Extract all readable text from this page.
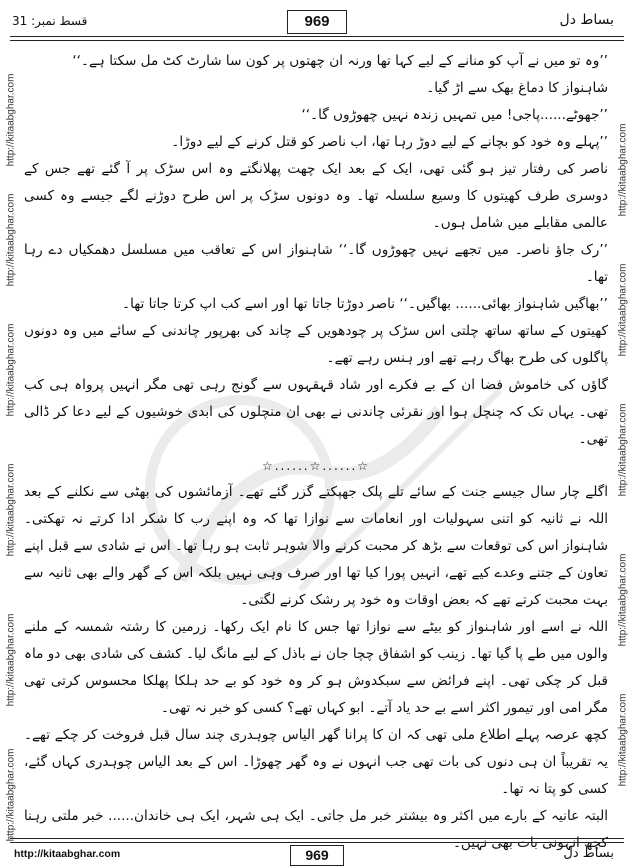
قسط نمبر: 31	969	بساط دل
http://kitaabghar.com
http://kitaabghar.com
http://kitaabghar.com
http://kitaabghar.com
http://kitaabghar.com
http://kitaabghar.com
http://kitaabghar.com
http://kitaabghar.com
http://kitaabghar.com
http://kitaabghar.com
http://kitaabghar.com

’’وہ تو میں نے آپ کو منانے کے لیے کہا تھا ورنہ ان چھتوں پر کون سا شارٹ کٹ مل سکتا ہے۔‘‘

شاہنواز کا دماغ بھک سے اڑ گیا۔

’’جھوٹے......پاجی! میں تمہیں زندہ نہیں چھوڑوں گا۔‘‘

’’پہلے وہ خود کو بچانے کے لیے دوڑ رہا تھا، اب ناصر کو قتل کرنے کے لیے دوڑا۔

ناصر کی رفتار تیز ہو گئی تھی، ایک کے بعد ایک چھت پھلانگتے وہ اس سڑک پر آ گئے تھے جس کے دوسری طرف کھیتوں کا وسیع سلسلہ تھا۔ وہ دونوں سڑک پر اس طرح دوڑنے لگے جیسے وہ کسی عالمی مقابلے میں شامل ہوں۔

’’رک جاؤ ناصر۔ میں تجھے نہیں چھوڑوں گا۔‘‘ شاہنواز اس کے تعاقب میں مسلسل دھمکیاں دے رہا تھا۔

’’بھاگیں شاہنواز بھائی...... بھاگیں۔‘‘ ناصر دوڑتا جاتا تھا اور اسے کب اپ کرتا جاتا تھا۔

کھیتوں کے ساتھ ساتھ چلتی اس سڑک پر چودھویں کے چاند کی بھرپور چاندنی کے سائے میں وہ دونوں پاگلوں کی طرح بھاگ رہے تھے اور ہنس رہے تھے۔

گاؤں کی خاموش فضا ان کے بے فکرے اور شاد قہقہوں سے گونج رہی تھی مگر انہیں پرواہ ہی کب تھی۔ یہاں تک کہ چنچل ہوا اور نقرئی چاندنی نے بھی ان منچلوں کی ابدی خوشیوں کے لیے دعا کر ڈالی تھی۔

☆......☆......☆

اگلے چار سال جیسے جنت کے سائے تلے پلک جھپکتے گزر گئے تھے۔ آزمائشوں کی بھٹی سے نکلنے کے بعد اللہ نے ثانیہ کو اتنی سہولیات اور انعامات سے نوازا تھا کہ وہ اپنے رب کا شکر ادا کرتے نہ تھکتی۔ شاہنواز اس کی توقعات سے بڑھ کر محبت کرنے والا شوہر ثابت ہو رہا تھا۔ اس نے شادی سے قبل اپنے تعاون کے جتنے وعدے کیے تھے، انہیں پورا کیا تھا اور صرف وہی نہیں بلکہ اس کے گھر والے بھی ثانیہ سے بہت محبت کرتے تھے کہ بعض اوقات وہ خود پر رشک کرنے لگتی۔

اللہ نے اسے اور شاہنواز کو بیٹے سے نوازا تھا جس کا نام ایک رکھا۔ زرمین کا رشتہ شمسہ کے ملنے والوں میں طے پا گیا تھا۔ زینب کو اشفاق چچا جان نے باذل کے لیے مانگ لیا۔ کشف کی شادی بھی دو ماہ قبل کر چکی تھی۔ اپنے فرائض سے سبکدوش ہو کر وہ خود کو بے حد ہلکا پھلکا محسوس کرتی تھی مگر امی اور تیمور اکثر اسے بے حد یاد آتے۔ ابو کہاں تھے؟ کسی کو خبر نہ تھی۔

کچھ عرصہ پہلے اطلاع ملی تھی کہ ان کا پرانا گھر الیاس چوہدری چند سال قبل فروخت کر چکے تھے۔ یہ تقریباً ان ہی دنوں کی بات تھی جب انہوں نے وہ گھر چھوڑا۔ اس کے بعد الیاس چوہدری کہاں گئے، کسی کو پتا نہ تھا۔

البتہ عانیہ کے بارے میں اکثر وہ بیشتر خبر مل جاتی۔ ایک ہی شہر، ایک ہی خاندان...... خبر ملتی رہنا کچھ انہونی بات بھی نہیں۔

http://kitaabghar.com	969	بساط دل
